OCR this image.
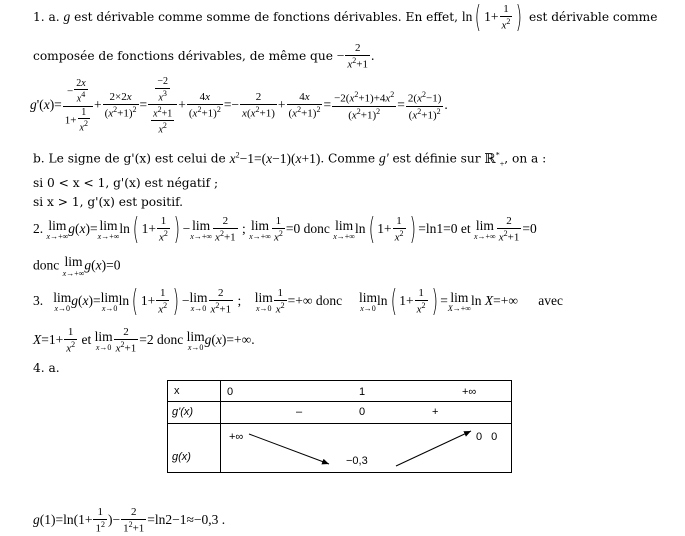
1. a. g est dérivable comme somme de fonctions dérivables. En effet, ln( $1+ \frac{1}{x^2}$ ) est dérivable comme
composée de fonctions dérivables, de même que − $\frac{2}{x^2+1}$ .
$g'(x)= \frac{- \frac{2x}{x^4}}{1+ \frac{1}{x^2}} + \frac{2\times 2x}{(x^2+1)^2} = \frac{\frac{-2}{x^3}}{\frac{x^2+1}{x^2}} + \frac{4x}{(x^2+1)^2} =- \frac{2}{x(x^2+1)} + \frac{4x}{(x^2+1)^2} = \frac{-2(x^2+1)+4x^2}{(x^2+1)^2} = \frac{2(x^2-1)}{(x^2+1)^2}$ .
b. Le signe de g'(x) est celui de $x^2-1=(x-1)(x+1)$. Comme g' est définie sur ℝ*$_+$, on a :
si 0 < x < 1, g'(x) est négatif ;
si x > 1, g'(x) est positif.
2. lim
x→+∞
g(x)= lim
x→+∞
ln( $1+ \frac{1}{x^2}$ ) − lim
$x\to+\infty \frac{2}{x^2+1}$ ; lim
$x\to+\infty \frac{1}{x^2} =0$ donc lim
x→+∞
ln( $1+ \frac{1}{x^2}$ ) =ln1=0 et lim
$x\to+\infty \frac{2}{x^2+1} =0$
donc lim
x→+∞
g(x)=0
3. lim
x→0
g(x)= lim
x→0
ln( $1+ \frac{1}{x^2}$ ) − lim
$x\to 0 \frac{2}{x^2+1}$ ; lim
$x\to 0 \frac{1}{x^2}$ =+∞ donc lim
x→0
ln( $1+ \frac{1}{x^2}$ ) = lim
X→+∞
ln X=+∞      avec
$X=1+ \frac{1}{x^2}$ et lim
$x\to 0 \frac{2}{x^2+1} =2$ donc lim
x→0
g(x)=+∞.
4. a.
x	0 1 +∞

g'(x)	– 0 +

g(x)	+∞ 0 0
−0,3
$g(1)=\ln(1+ \frac{1}{1^2}$ )− $\frac{2}{1^2+1} =\ln 2-1\approx-0,3$ .
